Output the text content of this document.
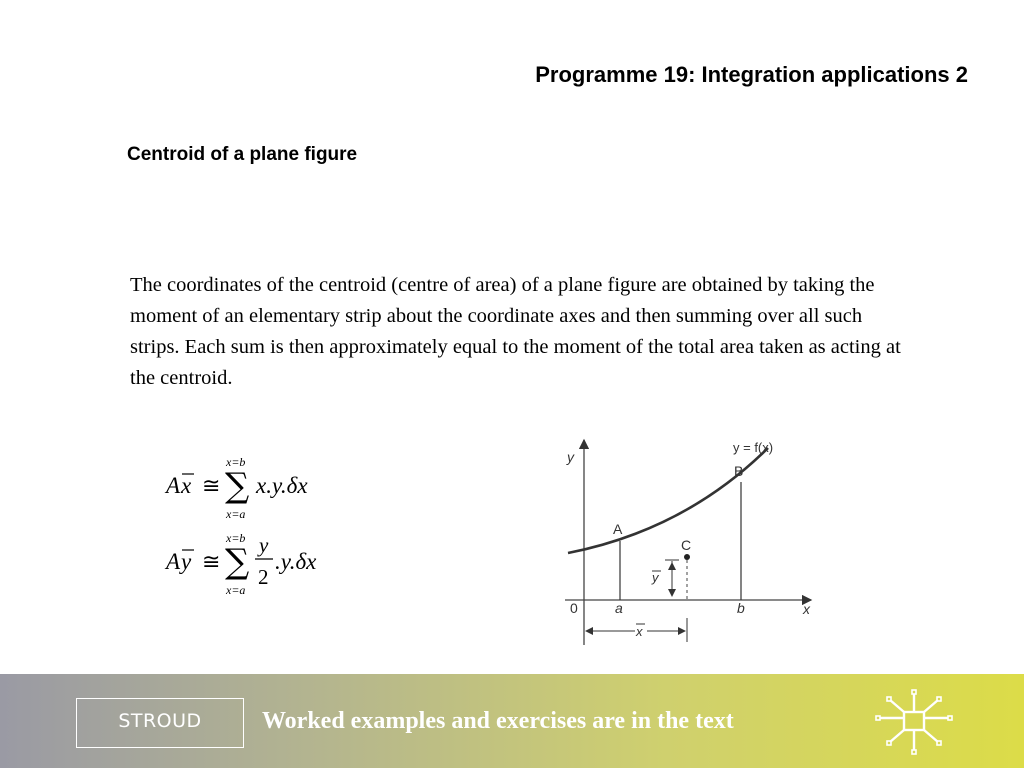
Programme 19: Integration applications 2
Centroid of a plane figure

The coordinates of the centroid (centre of area) of a plane figure are obtained by taking the moment of an elementary strip about the coordinate axes and then summing over all such strips. Each sum is then approximately equal to the moment of the total area taken as acting at the centroid.

A x ≅ ∑
x=b
x=a
x.y.δx
A y ≅ ∑
x=b
x=a
y
2
.y.δx
y
x
y = f(x)
A
B
C
y
0	a	b
x
STROUD	Worked examples and exercises are in the text
